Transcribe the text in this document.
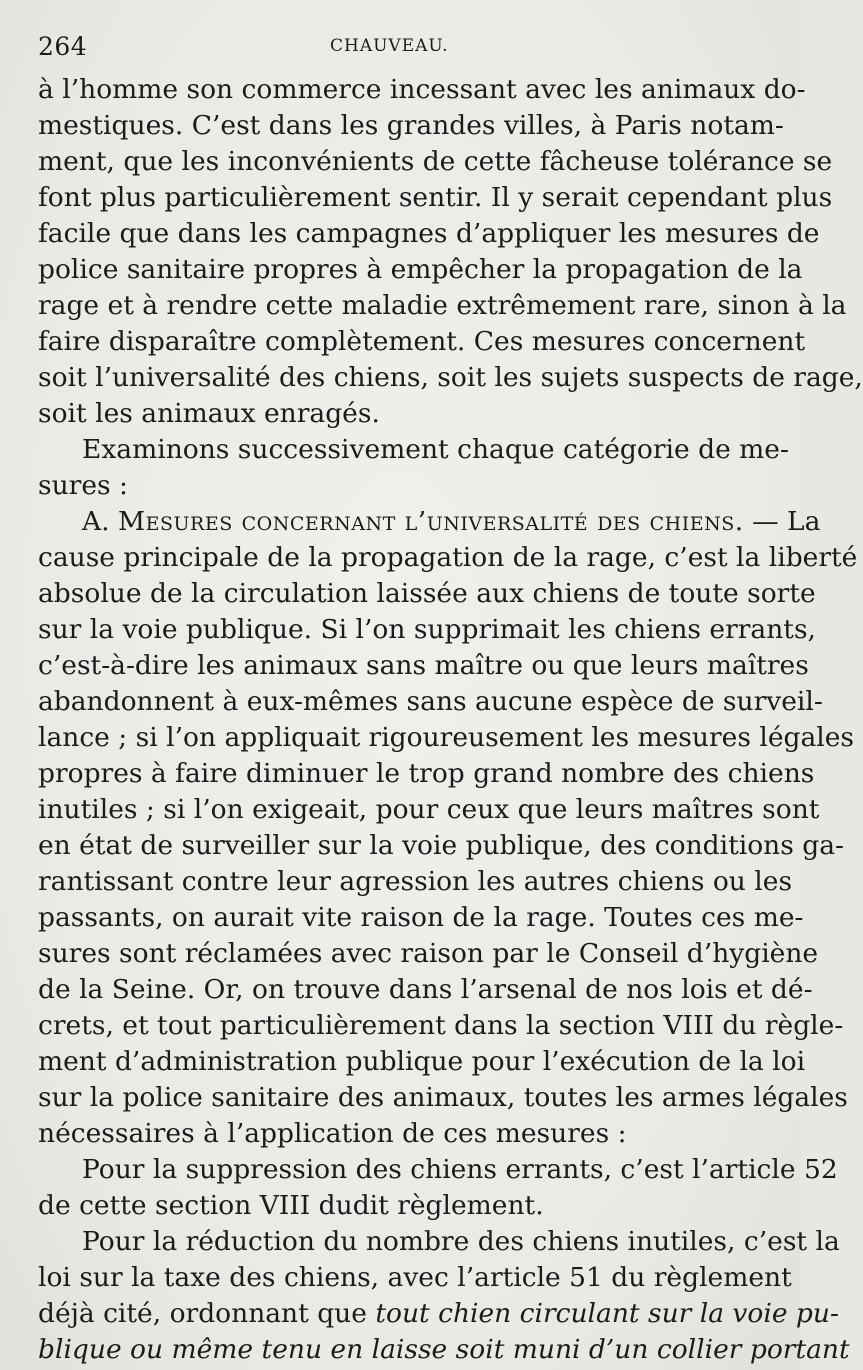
264	CHAUVEAU.
à l’homme son commerce incessant avec les animaux do-
mestiques. C’est dans les grandes villes, à Paris notam-
ment, que les inconvénients de cette fâcheuse tolérance se
font plus particulièrement sentir. Il y serait cependant plus
facile que dans les campagnes d’appliquer les mesures de
police sanitaire propres à empêcher la propagation de la
rage et à rendre cette maladie extrêmement rare, sinon à la
faire disparaître complètement. Ces mesures concernent
soit l’universalité des chiens, soit les sujets suspects de rage,
soit les animaux enragés.
Examinons successivement chaque catégorie de me-
sures :
A. Mesures concernant l’universalité des chiens. — La
cause principale de la propagation de la rage, c’est la liberté
absolue de la circulation laissée aux chiens de toute sorte
sur la voie publique. Si l’on supprimait les chiens errants,
c’est-à-dire les animaux sans maître ou que leurs maîtres
abandonnent à eux-mêmes sans aucune espèce de surveil-
lance ; si l’on appliquait rigoureusement les mesures légales
propres à faire diminuer le trop grand nombre des chiens
inutiles ; si l’on exigeait, pour ceux que leurs maîtres sont
en état de surveiller sur la voie publique, des conditions ga-
rantissant contre leur agression les autres chiens ou les
passants, on aurait vite raison de la rage. Toutes ces me-
sures sont réclamées avec raison par le Conseil d’hygiène
de la Seine. Or, on trouve dans l’arsenal de nos lois et dé-
crets, et tout particulièrement dans la section VIII du règle-
ment d’administration publique pour l’exécution de la loi
sur la police sanitaire des animaux, toutes les armes légales
nécessaires à l’application de ces mesures :
Pour la suppression des chiens errants, c’est l’article 52
de cette section VIII dudit règlement.
Pour la réduction du nombre des chiens inutiles, c’est la
loi sur la taxe des chiens, avec l’article 51 du règlement
déjà cité, ordonnant que tout chien circulant sur la voie pu-
blique ou même tenu en laisse soit muni d’un collier portant
